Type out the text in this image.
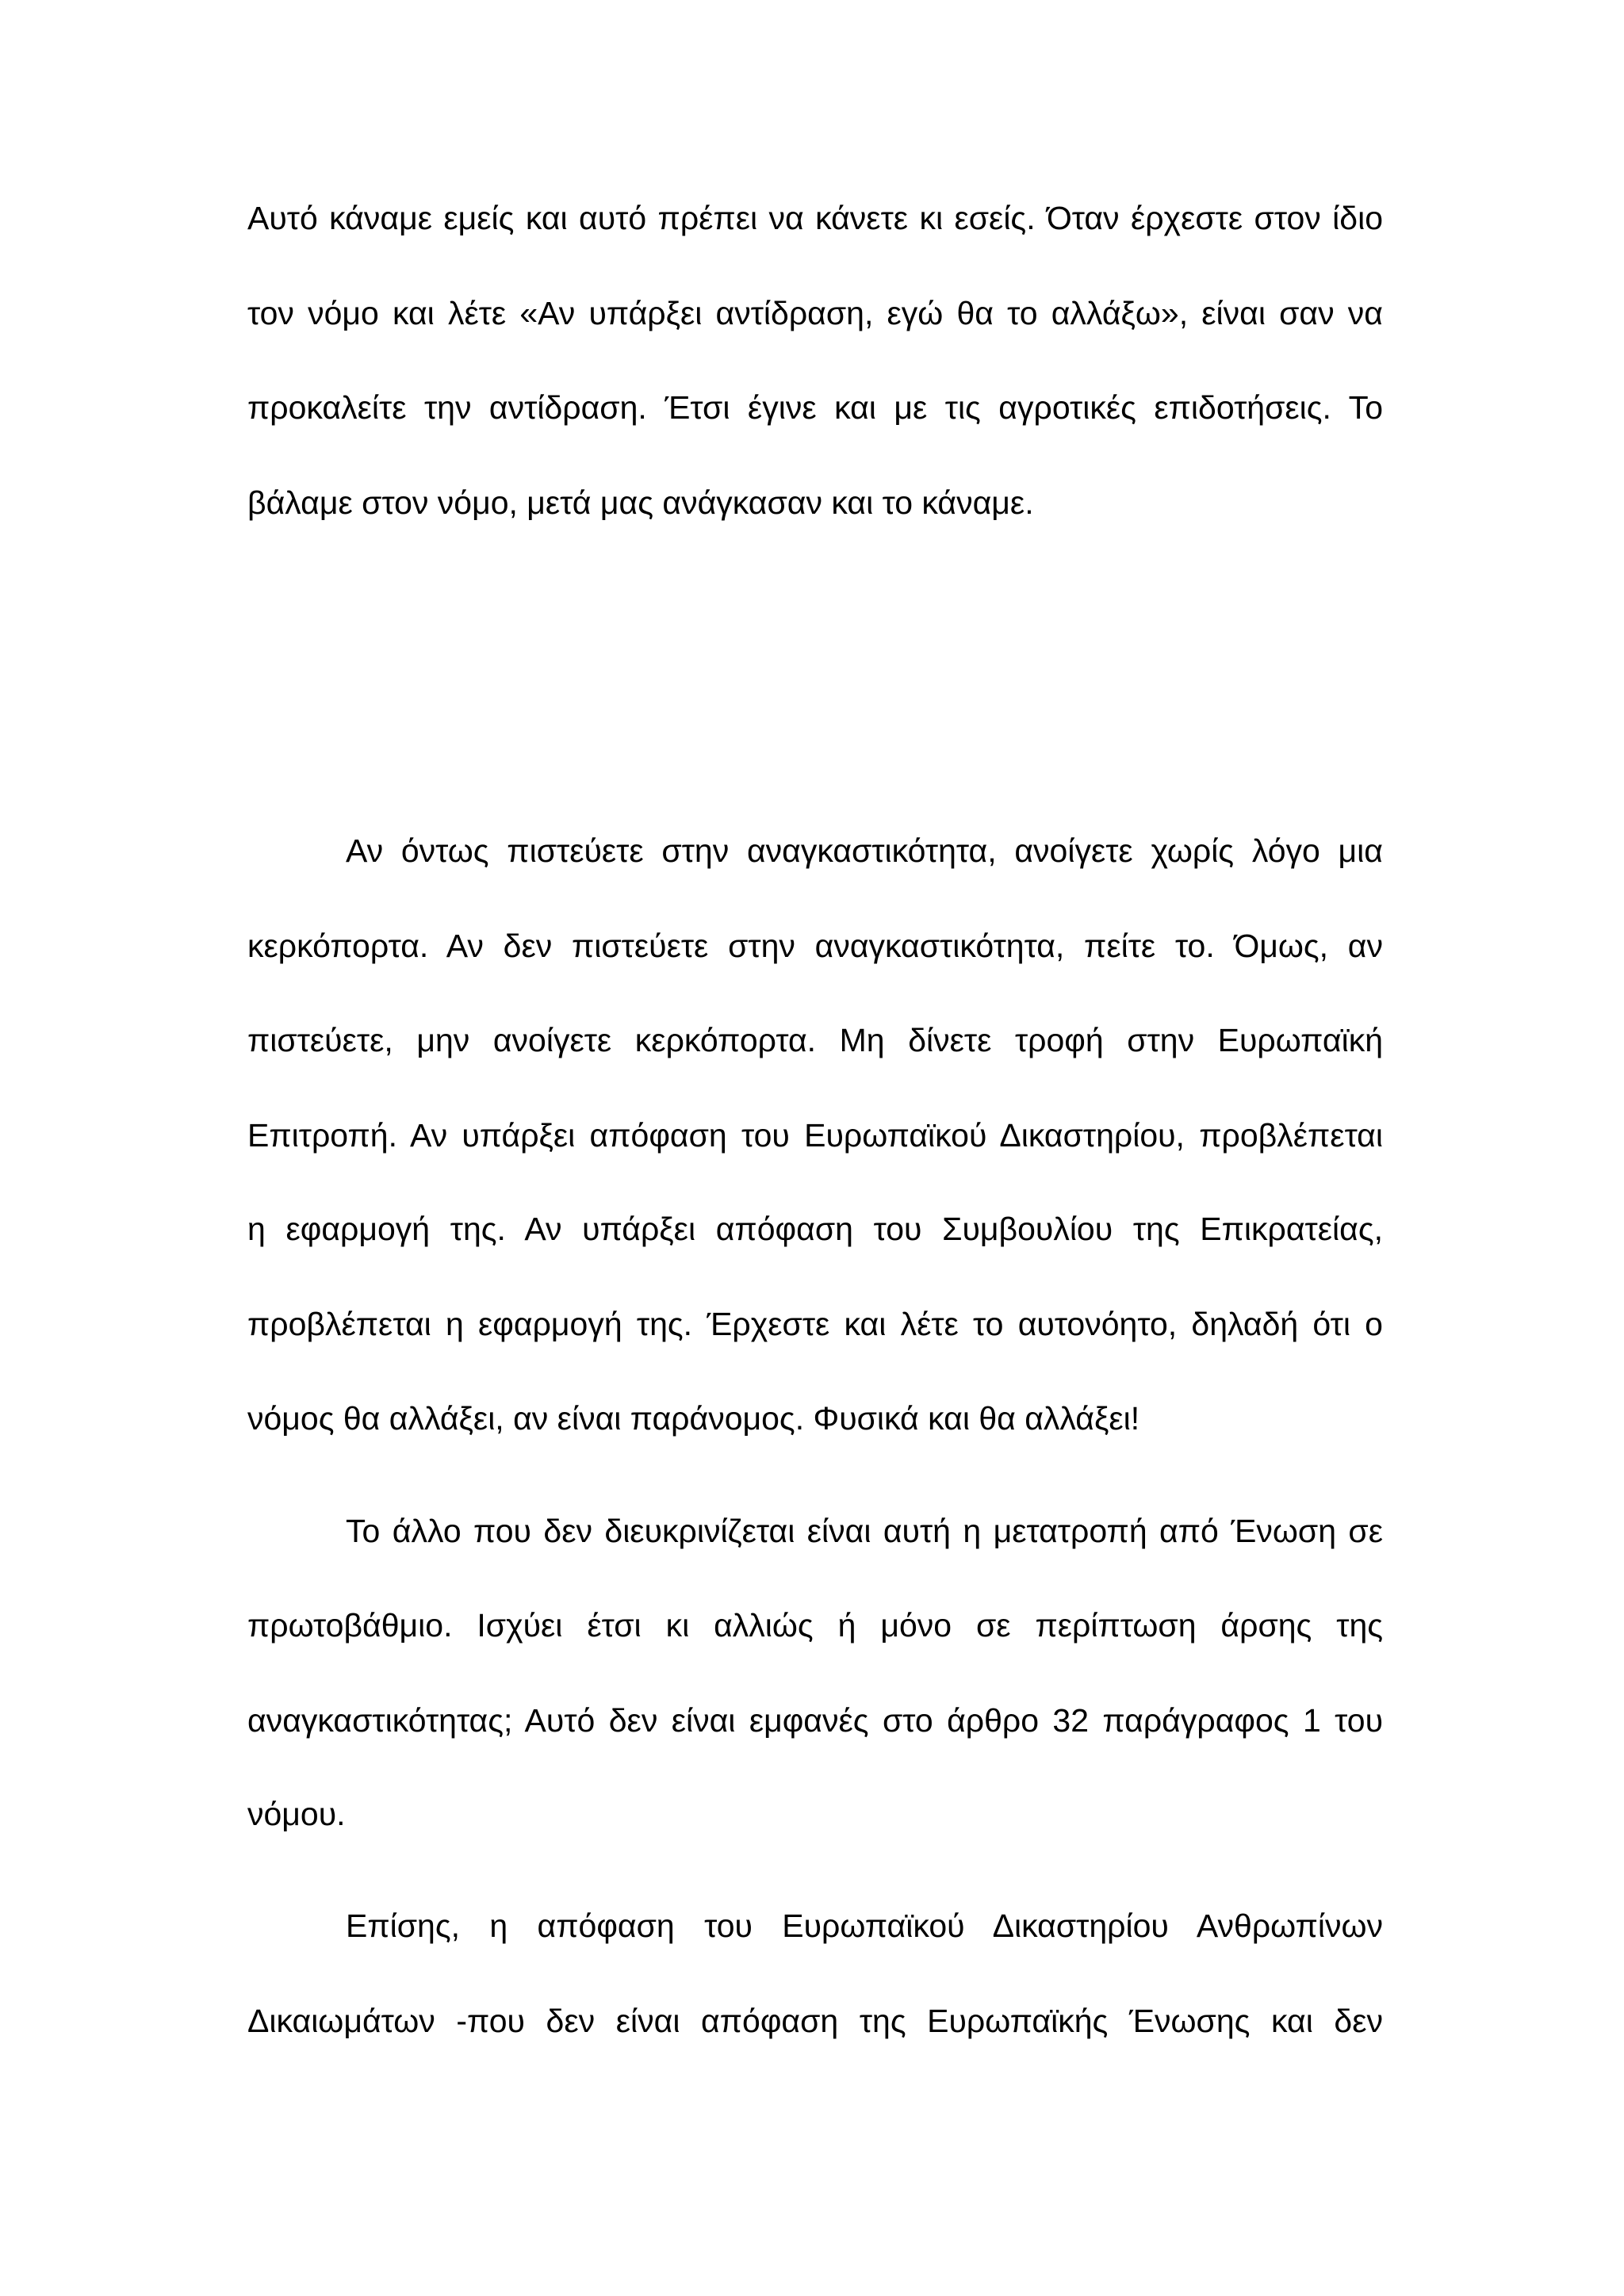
Αυτό κάναμε εμείς και αυτό πρέπει να κάνετε κι εσείς. Όταν έρχεστε στον ίδιο

τον νόμο και λέτε «Αν υπάρξει αντίδραση, εγώ θα το αλλάξω», είναι σαν να

προκαλείτε την αντίδραση. Έτσι έγινε και με τις αγροτικές επιδοτήσεις. Το

βάλαμε στον νόμο, μετά μας ανάγκασαν και το κάναμε.

Αν όντως πιστεύετε στην αναγκαστικότητα, ανοίγετε χωρίς λόγο μια

κερκόπορτα. Αν δεν πιστεύετε στην αναγκαστικότητα, πείτε το. Όμως, αν

πιστεύετε, μην ανοίγετε κερκόπορτα. Μη δίνετε τροφή στην Ευρωπαϊκή

Επιτροπή. Αν υπάρξει απόφαση του Ευρωπαϊκού Δικαστηρίου, προβλέπεται

η εφαρμογή της. Αν υπάρξει απόφαση του Συμβουλίου της Επικρατείας,

προβλέπεται η εφαρμογή της. Έρχεστε και λέτε το αυτονόητο, δηλαδή ότι ο

νόμος θα αλλάξει, αν είναι παράνομος. Φυσικά και θα αλλάξει!

Το άλλο που δεν διευκρινίζεται είναι αυτή η μετατροπή από Ένωση σε

πρωτοβάθμιο. Ισχύει έτσι κι αλλιώς ή μόνο σε περίπτωση άρσης της

αναγκαστικότητας; Αυτό δεν είναι εμφανές στο άρθρο 32 παράγραφος 1 του

νόμου.

Επίσης, η απόφαση του Ευρωπαϊκού Δικαστηρίου Ανθρωπίνων

Δικαιωμάτων -που δεν είναι απόφαση της Ευρωπαϊκής Ένωσης και δεν
